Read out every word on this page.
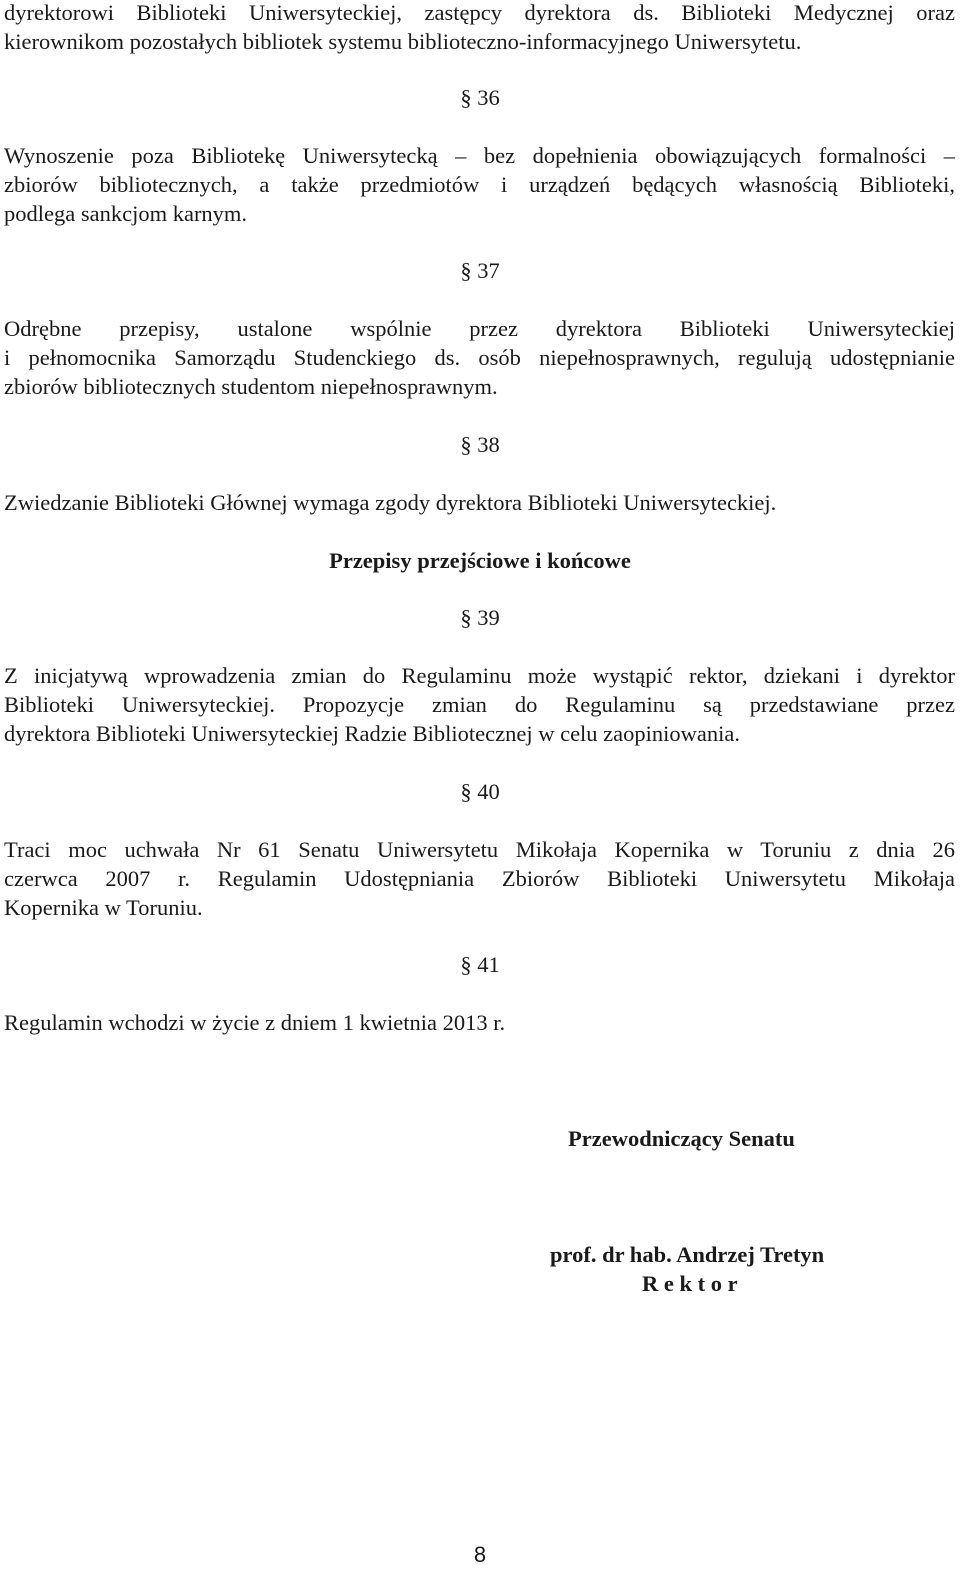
dyrektorowi Biblioteki Uniwersyteckiej, zastępcy dyrektora ds. Biblioteki Medycznej oraz
kierownikom pozostałych bibliotek systemu biblioteczno-informacyjnego Uniwersytetu.
§ 36
Wynoszenie poza Bibliotekę Uniwersytecką – bez dopełnienia obowiązujących formalności –
zbiorów bibliotecznych, a także przedmiotów i urządzeń będących własnością Biblioteki,
podlega sankcjom karnym.
§ 37
Odrębne przepisy, ustalone wspólnie przez dyrektora Biblioteki Uniwersyteckiej
i pełnomocnika Samorządu Studenckiego ds. osób niepełnosprawnych, regulują udostępnianie
zbiorów bibliotecznych studentom niepełnosprawnym.
§ 38
Zwiedzanie Biblioteki Głównej wymaga zgody dyrektora Biblioteki Uniwersyteckiej.
Przepisy przejściowe i końcowe
§ 39
Z inicjatywą wprowadzenia zmian do Regulaminu może wystąpić rektor, dziekani i dyrektor
Biblioteki Uniwersyteckiej. Propozycje zmian do Regulaminu są przedstawiane przez
dyrektora Biblioteki Uniwersyteckiej Radzie Bibliotecznej w celu zaopiniowania.
§ 40
Traci moc uchwała Nr 61 Senatu Uniwersytetu Mikołaja Kopernika w Toruniu z dnia 26
czerwca 2007 r. Regulamin Udostępniania Zbiorów Biblioteki Uniwersytetu Mikołaja
Kopernika w Toruniu.
§ 41
Regulamin wchodzi w życie z dniem 1 kwietnia 2013 r.
Przewodniczący Senatu
prof. dr hab. Andrzej Tretyn
R e k t o r
8
